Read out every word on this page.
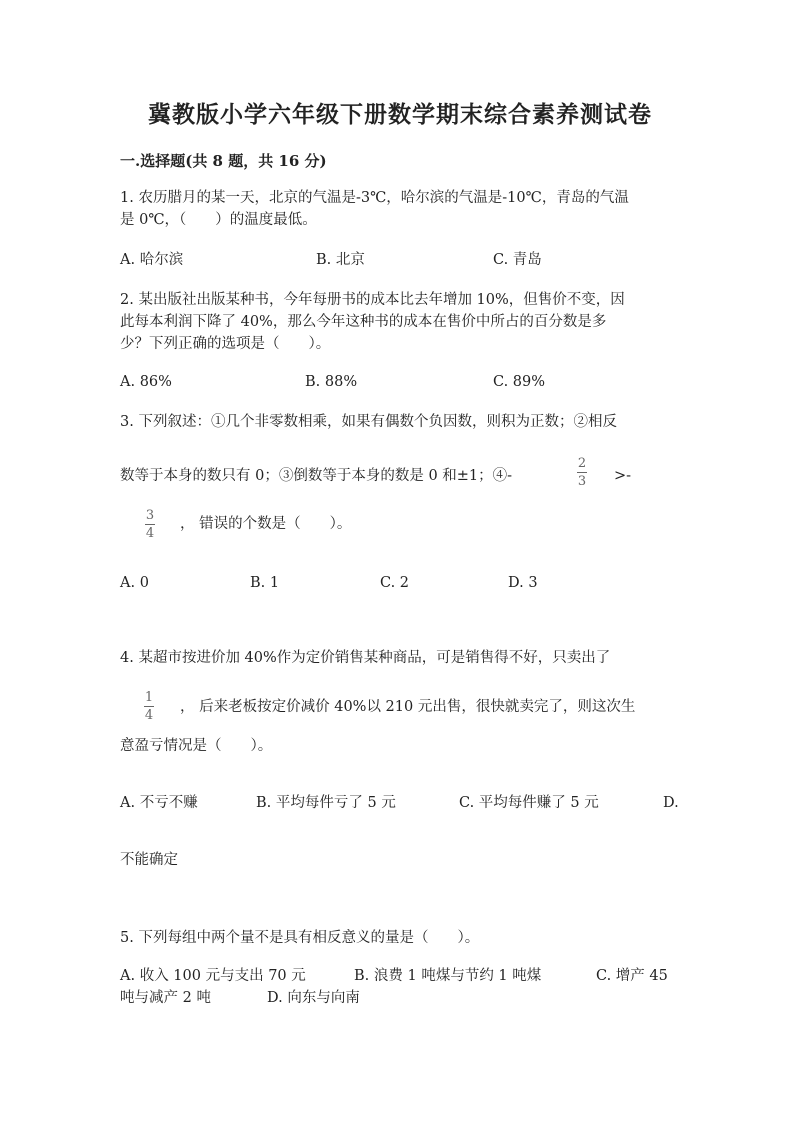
冀教版小学六年级下册数学期末综合素养测试卷
一.选择题(共 8 题，共 16 分)
1. 农历腊月的某一天，北京的气温是-3℃，哈尔滨的气温是-10℃，青岛的气温
是 0℃，（　　）的温度最低。
A. 哈尔滨	B. 北京	C. 青岛
2. 某出版社出版某种书，今年每册书的成本比去年增加 10%，但售价不变，因
此每本利润下降了 40%，那么今年这种书的成本在售价中所占的百分数是多
少？下列正确的选项是（　　）。
A. 86%	B. 88%	C. 89%
3. 下列叙述：①几个非零数相乘，如果有偶数个负因数，则积为正数；②相反
数等于本身的数只有 0；③倒数等于本身的数是 0 和±1；④-
2
3 >-
3
4
， 错误的个数是（　　）。
A. 0	B. 1	C. 2	D. 3
4. 某超市按进价加 40%作为定价销售某种商品，可是销售得不好，只卖出了
1
4
， 后来老板按定价减价 40%以 210 元出售，很快就卖完了，则这次生
意盈亏情况是（　　）。
A. 不亏不赚	B. 平均每件亏了 5 元	C. 平均每件赚了 5 元	D.
不能确定
5. 下列每组中两个量不是具有相反意义的量是（　　）。
A. 收入 100 元与支出 70 元	B. 浪费 1 吨煤与节约 1 吨煤	C. 增产 45
吨与减产 2 吨	D. 向东与向南
